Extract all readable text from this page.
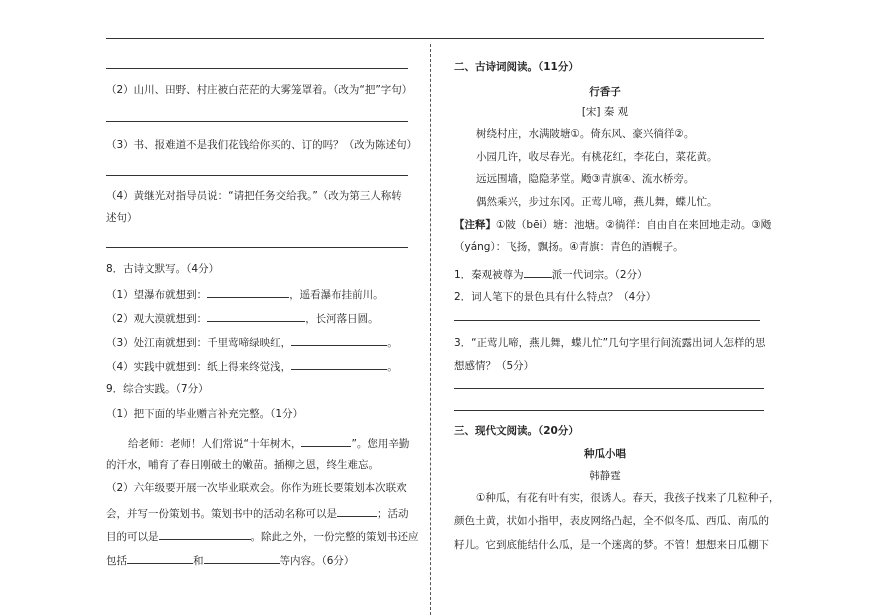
（2）山川、田野、村庄被白茫茫的大雾笼罩着。（改为“把”字句）
（3）书、报难道不是我们花钱给你买的、订的吗？（改为陈述句）
（4）黄继光对指导员说：“请把任务交给我。”（改为第三人称转
述句）
8．古诗文默写。（4分）
（1）望瀑布就想到：	，遥看瀑布挂前川。
（2）观大漠就想到：	，长河落日圆。
（3）处江南就想到：千里莺啼绿映红，	。
（4）实践中就想到：纸上得来终觉浅，	。
9．综合实践。（7分）
（1）把下面的毕业赠言补充完整。（1分）
给老师：老师！人们常说“十年树木，	”。您用辛勤
的汗水，哺育了春日刚破土的嫩苗。插柳之恩，终生难忘。
（2）六年级要开展一次毕业联欢会。你作为班长要策划本次联欢
会，并写一份策划书。策划书中的活动名称可以是	；活动
目的可以是	。除此之外，一份完整的策划书还应
包括	和	等内容。（6分）
二、古诗词阅读。（11分）
行香子
[宋] 秦 观
树绕村庄，水满陂塘①。倚东风、豪兴徜徉②。
小园几许，收尽春光。有桃花红，李花白，菜花黄。
远远围墙，隐隐茅堂。飏③青旗④、流水桥旁。
偶然乘兴，步过东冈。正莺儿啼，燕儿舞，蝶儿忙。
【注释】①陂（bēi）塘：池塘。②徜徉：自由自在来回地走动。③飏
（yáng）：飞扬，飘扬。④青旗：青色的酒幌子。
1．秦观被尊为	派一代词宗。（2分）
2．词人笔下的景色具有什么特点？（4分）
3．“正莺儿啼，燕儿舞，蝶儿忙”几句字里行间流露出词人怎样的思
想感情？（5分）
三、现代文阅读。（20分）
种瓜小唱
韩静霆
①种瓜，有花有叶有实，很诱人。春天，我孩子找来了几粒种子，
颜色土黄，状如小指甲，表皮网络凸起，全不似冬瓜、西瓜、南瓜的
籽儿。它到底能结什么瓜，是一个迷离的梦。不管！想想来日瓜棚下
